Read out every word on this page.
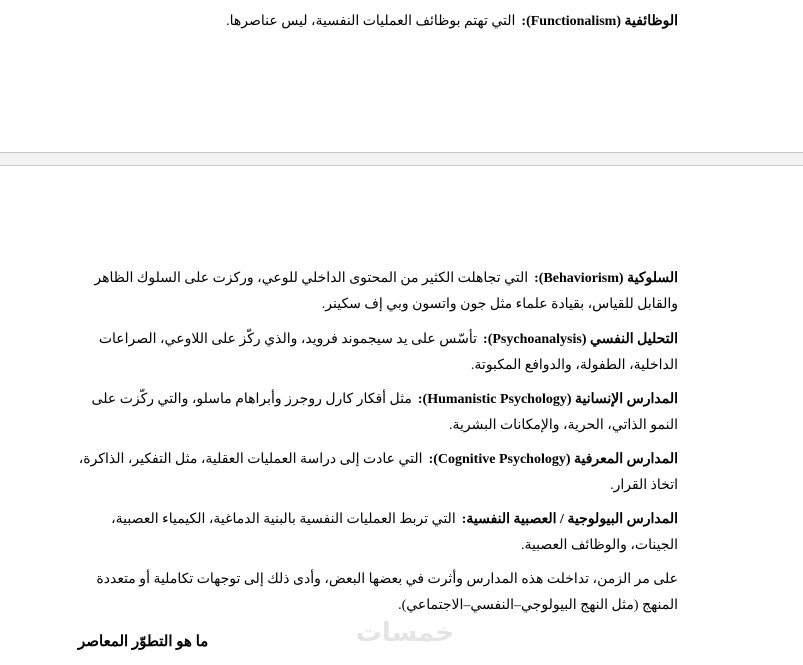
الوظائفية (Functionalism):التي تهتم بوظائف العمليات النفسية، ليس عناصرها.
السلوكية (Behaviorism):التي تجاهلت الكثير من المحتوى الداخلي للوعي، وركزت على السلوك الظاهر والقابل للقياس، بقيادة علماء مثل جون واتسون وبي إف سكينر.
التحليل النفسي (Psychoanalysis):تأسّس على يد سيجموند فرويد، والذي ركّز على اللاوعي، الصراعات الداخلية، الطفولة، والدوافع المكبوتة.
المدارس الإنسانية (Humanistic Psychology):مثل أفكار كارل روجرز وأبراهام ماسلو، والتي ركّزت على النمو الذاتي، الحرية، والإمكانات البشرية.
المدارس المعرفية (Cognitive Psychology):التي عادت إلى دراسة العمليات العقلية، مثل التفكير، الذاكرة، اتخاذ القرار.
المدارس البيولوجية / العصبية النفسية:التي تربط العمليات النفسية بالبنية الدماغية، الكيمياء العصبية، الجينات، والوظائف العصبية.
على مر الزمن، تداخلت هذه المدارس وأثرت في بعضها البعض، وأدى ذلك إلى توجهات تكاملية أو متعددة المنهج (مثل النهج البيولوجي–النفسي–الاجتماعي).
ما هو التطوّر المعاصر	خمسات
